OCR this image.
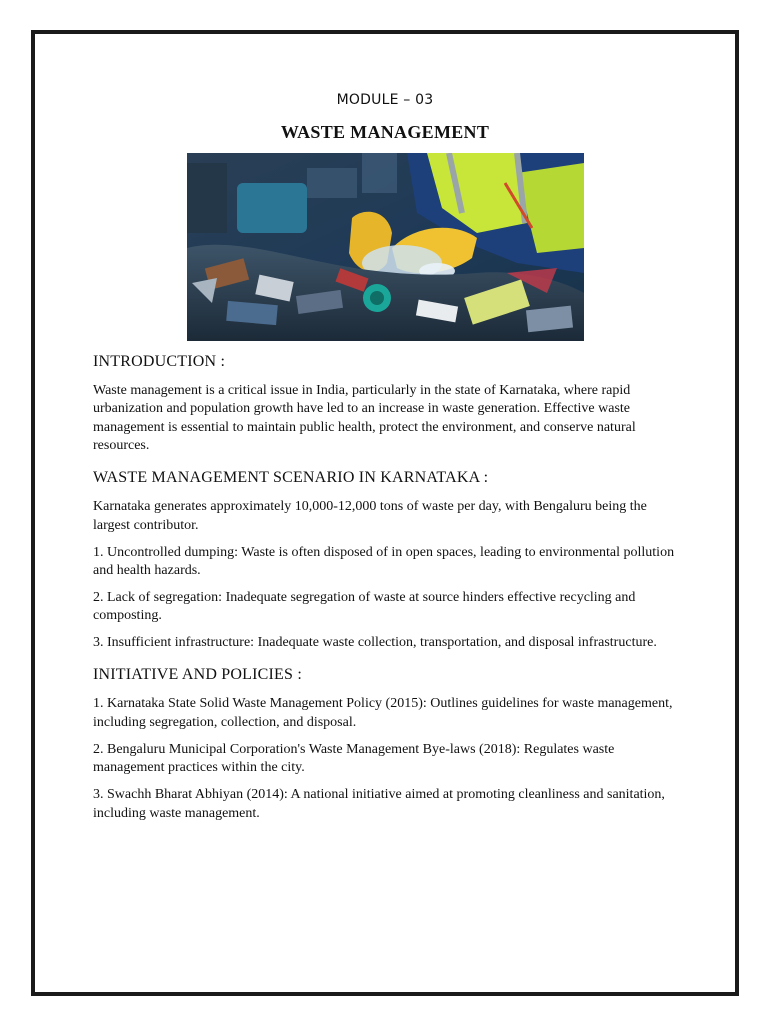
MODULE – 03
WASTE MANAGEMENT
INTRODUCTION :

Waste management is a critical issue in India, particularly in the state of Karnataka, where rapid urbanization and population growth have led to an increase in waste generation. Effective waste management is essential to maintain public health, protect the environment, and conserve natural resources.

WASTE MANAGEMENT SCENARIO IN KARNATAKA :

Karnataka generates approximately 10,000-12,000 tons of waste per day, with Bengaluru being the largest contributor.

1. Uncontrolled dumping: Waste is often disposed of in open spaces, leading to environmental pollution and health hazards.

2. Lack of segregation: Inadequate segregation of waste at source hinders effective recycling and composting.

3. Insufficient infrastructure: Inadequate waste collection, transportation, and disposal infrastructure.

INITIATIVE AND POLICIES :

1. Karnataka State Solid Waste Management Policy (2015): Outlines guidelines for waste management, including segregation, collection, and disposal.

2. Bengaluru Municipal Corporation's Waste Management Bye-laws (2018): Regulates waste management practices within the city.

3. Swachh Bharat Abhiyan (2014): A national initiative aimed at promoting cleanliness and sanitation, including waste management.
